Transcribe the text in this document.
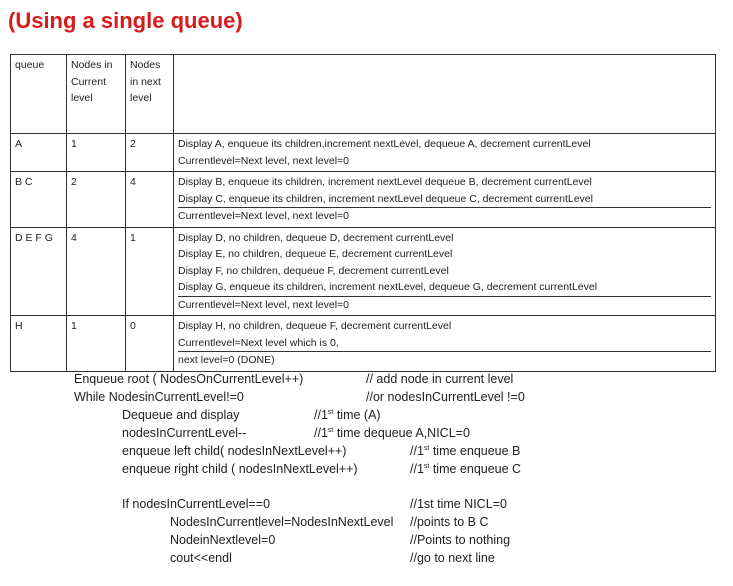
(Using a single queue)
queue	Nodes in Current level	Nodes in next level	
A	1	2	Display A, enqueue its children,increment nextLevel, dequeue A, decrement currentLevel
Currentlevel=Next level, next level=0

B C	2	4	Display B, enqueue its children, increment nextLevel dequeue B, decrement currentLevel
Display C, enqueue its children, increment nextLevel dequeue C, decrement currentLevel
Currentlevel=Next level, next level=0

D E F G	4	1	Display D, no children, dequeue D, decrement currentLevel
Display E, no children, dequeue E, decrement currentLevel
Display F, no children, dequeue F, decrement currentLevel
Display G, enqueue its children, increment nextLevel, dequeue G, decrement currentLevel
Currentlevel=Next level, next level=0

H	1	0	Display H, no children, dequeue F, decrement currentLevel
Currentlevel=Next level which is 0,
next level=0 (DONE)
Enqueue root ( NodesOnCurrentLevel++)	// add node in current level
While NodesinCurrentLevel!=0	//or nodesInCurrentLevel !=0
Dequeue and display	//1st time (A)
nodesInCurrentLevel--	//1st time dequeue A,NICL=0
enqueue left child( nodesInNextLevel++)	//1st time enqueue B
enqueue right child ( nodesInNextLevel++)	//1st time enqueue C
If nodesInCurrentLevel==0	//1st time NICL=0
NodesInCurrentlevel=NodesInNextLevel //points to B C
NodeinNextlevel=0	//Points to nothing
cout<<endl	//go to next line
